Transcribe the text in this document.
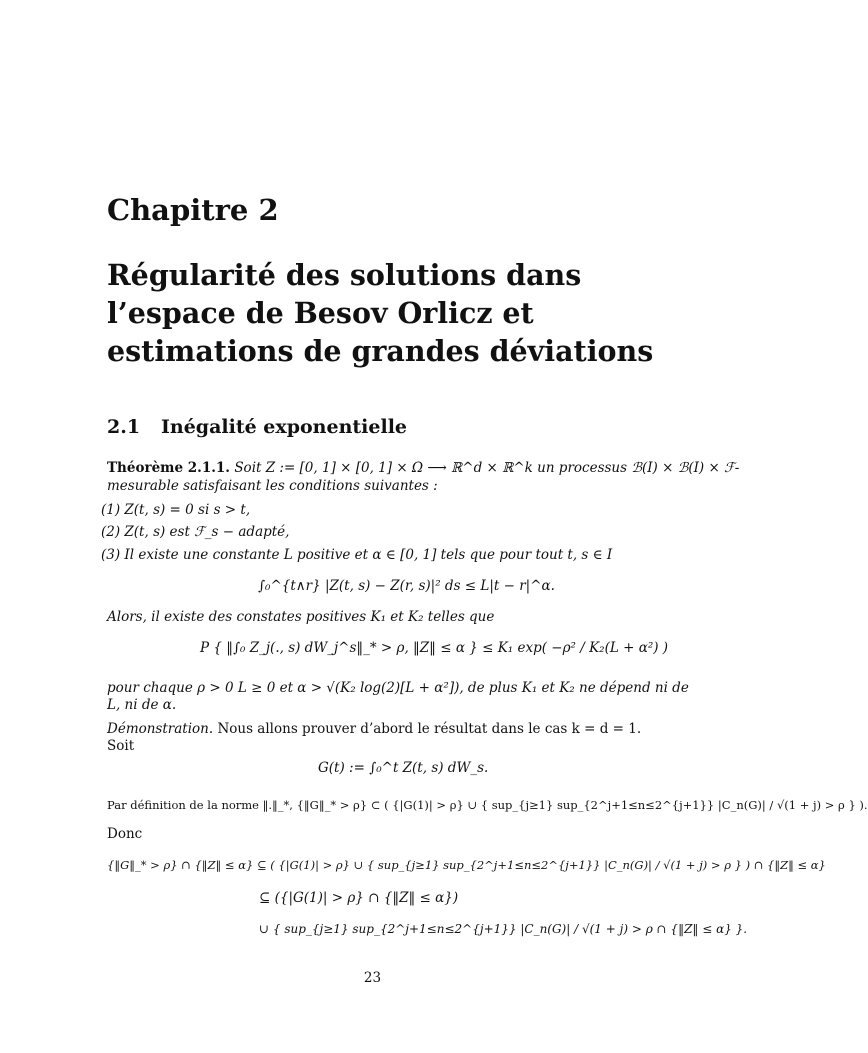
Chapitre 2
Régularité des solutions dans
l’espace de Besov Orlicz et
estimations de grandes déviations
2.1 Inégalité exponentielle
Théorème 2.1.1. Soit Z := [0, 1] × [0, 1] × Ω ⟶ ℝ^d × ℝ^k un processus ℬ(I) × ℬ(I) × ℱ-
mesurable satisfaisant les conditions suivantes :
(1) Z(t, s) = 0 si s > t,
(2) Z(t, s) est ℱ_s − adapté,
(3) Il existe une constante L positive et α ∈ [0, 1] tels que pour tout t, s ∈ I
∫₀^{t∧r} |Z(t, s) − Z(r, s)|² ds ≤ L|t − r|^α.
Alors, il existe des constates positives K₁ et K₂ telles que
P { ‖∫₀ Z_j(., s) dW_j^s‖_* > ρ, ‖Z‖ ≤ α } ≤ K₁ exp( −ρ² / K₂(L + α²) )
pour chaque ρ > 0 L ≥ 0 et α > √(K₂ log(2)[L + α²]), de plus K₁ et K₂ ne dépend ni de
L, ni de α.
Démonstration. Nous allons prouver d’abord le résultat dans le cas k = d = 1.
Soit
G(t) := ∫₀^t Z(t, s) dW_s.
Par définition de la norme ‖.‖_*, {‖G‖_* > ρ} ⊂ ( {|G(1)| > ρ} ∪ { sup_{j≥1} sup_{2^j+1≤n≤2^{j+1}} |C_n(G)| / √(1 + j) > ρ } ).
Donc
{‖G‖_* > ρ} ∩ {‖Z‖ ≤ α} ⊆ ( {|G(1)| > ρ} ∪ { sup_{j≥1} sup_{2^j+1≤n≤2^{j+1}} |C_n(G)| / √(1 + j) > ρ } ) ∩ {‖Z‖ ≤ α}
⊆ ({|G(1)| > ρ} ∩ {‖Z‖ ≤ α})
∪ { sup_{j≥1} sup_{2^j+1≤n≤2^{j+1}} |C_n(G)| / √(1 + j) > ρ ∩ {‖Z‖ ≤ α} }.
23
